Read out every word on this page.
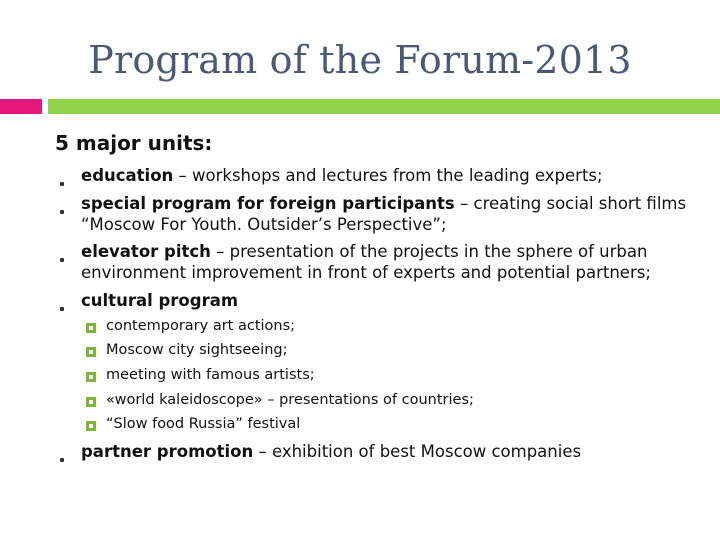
Program of the Forum-2013
5 major units:
education – workshops and lectures from the leading experts;
special program for foreign participants – creating social short films
“Moscow For Youth. Outsider’s Perspective”;
elevator pitch – presentation of the projects in the sphere of urban
environment improvement in front of experts and potential partners;
cultural program
contemporary art actions;
Moscow city sightseeing;
meeting with famous artists;
«world kaleidoscope» – presentations of countries;
“Slow food Russia” festival
partner promotion – exhibition of best Moscow companies
